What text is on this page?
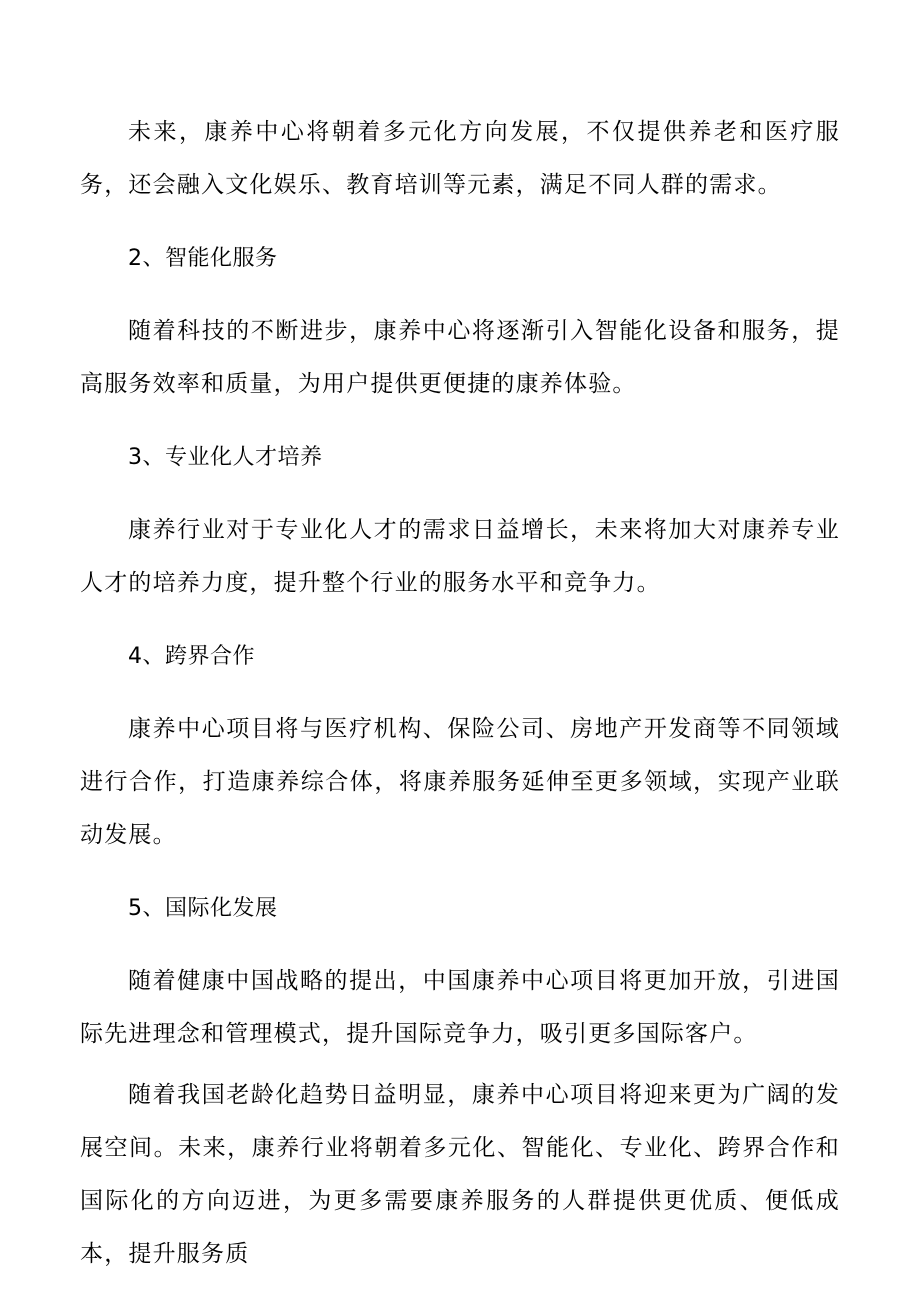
未来，康养中心将朝着多元化方向发展，不仅提供养老和医疗服务，还会融入文化娱乐、教育培训等元素，满足不同人群的需求。

2、智能化服务

随着科技的不断进步，康养中心将逐渐引入智能化设备和服务，提高服务效率和质量，为用户提供更便捷的康养体验。

3、专业化人才培养

康养行业对于专业化人才的需求日益增长，未来将加大对康养专业人才的培养力度，提升整个行业的服务水平和竞争力。

4、跨界合作

康养中心项目将与医疗机构、保险公司、房地产开发商等不同领域进行合作，打造康养综合体，将康养服务延伸至更多领域，实现产业联动发展。

5、国际化发展

随着健康中国战略的提出，中国康养中心项目将更加开放，引进国际先进理念和管理模式，提升国际竞争力，吸引更多国际客户。

随着我国老龄化趋势日益明显，康养中心项目将迎来更为广阔的发展空间。未来，康养行业将朝着多元化、智能化、专业化、跨界合作和国际化的方向迈进，为更多需要康养服务的人群提供更优质、便低成本，提升服务质
